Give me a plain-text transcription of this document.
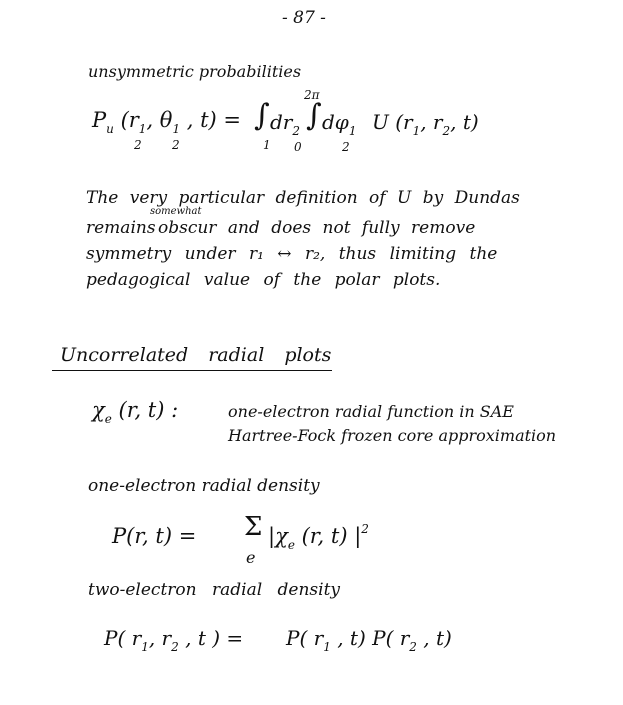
- 87 -
unsymmetric probabilities
$P_u$ ($r_1$, $\theta_1$ , t) =
2	2
∫ $dr_2$
1
2π
∫
0
$d\varphi_1$
2
U ($r_1$, $r_2$, t)
The very particular definition of U by Dundas
somewhat
remains obscur and does not fully remove
symmetry under r₁ ↔ r₂, thus limiting the
pedagogical value of the polar plots.
Uncorrelated radial plots
$\chi_e$ (r, t) :	one-electron radial function in SAE
Hartree-Fock frozen core approximation
one-electron radial density
P(r, t) = Σ
e
$|\chi_e$ (r, t) $|^2$
two-electron radial density
P( $r_1$, $r_2$ , t ) = P( $r_1$ , t) P( $r_2$ , t)
